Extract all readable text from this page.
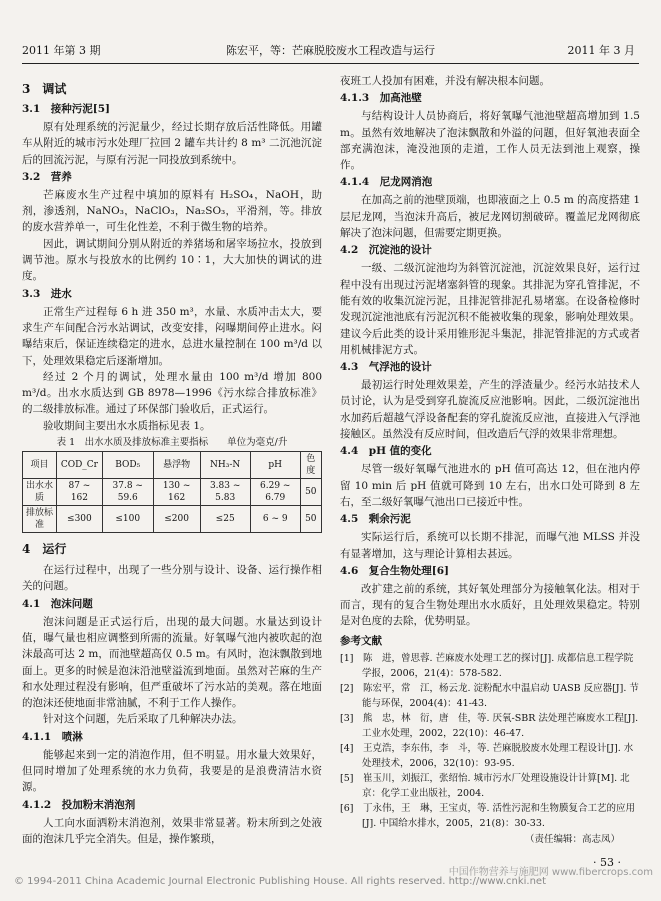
2011 年第 3 期	陈宏平，等：芒麻脱胶废水工程改造与运行	2011 年 3 月
3　调试
3.1　接种污泥[5]

原有处理系统的污泥量少，经过长期存放后活性降低。用罐车从附近的城市污水处理厂拉回 2 罐车共计约 8 m³ 二沉池沉淀后的回流污泥，与原有污泥一同投放到系统中。

3.2　营养

芒麻废水生产过程中填加的原料有 H₂SO₄，NaOH，助剂，渗透剂，NaNO₃，NaClO₃，Na₂SO₃，平滑剂，等。排放的废水营养单一，可生化性差，不利于微生物的培养。

因此，调试期间分别从附近的养猪场和屠宰场拉水，投放到调节池。原水与投放水的比例约 10∶1，大大加快的调试的进度。

3.3　进水

正常生产过程每 6 h 进 350 m³，水量、水质冲击太大，要求生产车间配合污水站调试，改变安排，闷曝期间停止进水。闷曝结束后，保证连续稳定的进水，总进水量控制在 100 m³/d 以下，处理效果稳定后逐渐增加。

经过 2 个月的调试，处理水量由 100 m³/d 增加 800 m³/d。出水水质达到 GB 8978—1996《污水综合排放标准》的二级排放标准。通过了环保部门验收后，正式运行。

验收期间主要出水水质指标见表 1。

表 1　出水水质及排放标准主要指标　　单位为毫克/升
项目	COD_Cr	BOD₅	悬浮物	NH₃-N	pH	色度
出水水质	87 ~ 162	37.8 ~ 59.6	130 ~ 162	3.83 ~ 5.83	6.29 ~ 6.79	50
排放标准	≤300	≤100	≤200	≤25	6 ~ 9	50
4　运行

在运行过程中，出现了一些分别与设计、设备、运行操作相关的问题。

4.1　泡沫问题

泡沫问题是正式运行后，出现的最大问题。水量达到设计值，曝气量也相应调整到所需的流量。好氧曝气池内被吹起的泡沫最高可达 2 m，而池壁超高仅 0.5 m。有风时，泡沫飘散到地面上。更多的时候是泡沫沿池壁溢流到地面。虽然对芒麻的生产和水处理过程没有影响，但严重破坏了污水站的美观。落在地面的泡沫还使地面非常油腻，不利于工作人操作。

针对这个问题，先后采取了几种解决办法。

4.1.1　喷淋

能够起来到一定的消泡作用，但不明显。用水量大效果好，但同时增加了处理系统的水力负荷，我要是的是浪费清洁水资源。

4.1.2　投加粉末消泡剂

人工向水面洒粉末消泡剂，效果非常显著。粉末所到之处液面的泡沫几乎完全消失。但是，操作繁琐，

夜班工人投加有困难，并没有解决根本问题。

4.1.3　加高池壁

与结构设计人员协商后，将好氧曝气池池壁超高增加到 1.5 m。虽然有效地解决了泡沫飘散和外溢的问题，但好氧池表面全部充满泡沫，淹没池顶的走道，工作人员无法到池上观察，操作。

4.1.4　尼龙网消泡

在加高之前的池壁顶端，也即液面之上 0.5 m 的高度搭建 1 层尼龙网，当泡沫升高后，被尼龙网切割破碎。覆盖尼龙网彻底解决了泡沫问题，但需要定期更换。

4.2　沉淀池的设计

一级、二级沉淀池均为斜管沉淀池，沉淀效果良好，运行过程中没有出现过污泥堵塞斜管的现象。其排泥为穿孔管排泥，不能有效的收集沉淀污泥，且排泥管排泥孔易堵塞。在设备检修时发现沉淀池池底有污泥沉积不能被收集的现象，影响处理效果。建议今后此类的设计采用锥形泥斗集泥，排泥管排泥的方式或者用机械排泥方式。

4.3　气浮池的设计

最初运行时处理效果差，产生的浮渣量少。经污水站技术人员讨论，认为是受到穿孔旋流反应池影响。因此，二级沉淀池出水加药后超越气浮设备配套的穿孔旋流反应池，直接进入气浮池接触区。虽然没有反应时间，但改造后气浮的效果非常理想。

4.4　pH 值的变化

尽管一级好氧曝气池进水的 pH 值可高达 12，但在池内停留 10 min 后 pH 值就可降到 10 左右，出水口处可降到 8 左右，至二级好氧曝气池出口已接近中性。

4.5　剩余污泥

实际运行后，系统可以长期不排泥，而曝气池 MLSS 并没有显著增加，这与理论计算相去甚远。

4.6　复合生物处理[6]

改扩建之前的系统，其好氧处理部分为接触氧化法。相对于而言，现有的复合生物处理出水水质好，且处理效果稳定。特别是对色度的去除，优势明显。

参考文献

[1]　陈　进，曾思蓉. 芒麻废水处理工艺的探讨[J]. 成都信息工程学院学报，2006，21(4)：578-582.

[2]　陈宏平，常　江，杨云龙. 淀粉配水中温启动 UASB 反应器[J]. 节能与环保，2004(4)：41-43.

[3]　熊　忠，林　衍，唐　佳，等. 厌氧-SBR 法处理芒麻废水工程[J]. 工业水处理，2002，22(10)：46-47.

[4]　王克浩，李东伟，李　斗，等. 芒麻脱胶废水处理工程设计[J]. 水处理技术，2006，32(10)：93-95.

[5]　崔玉川，刘振江，张绍怡. 城市污水厂处理设施设计计算[M]. 北京：化学工业出版社，2004.

[6]　丁永伟，王　琳，王宝贞，等. 活性污泥和生物膜复合工艺的应用[J]. 中国给水排水，2005，21(8)：30-33.

（责任编辑：高志凤）
· 53 ·
© 1994-2011 China Academic Journal Electronic Publishing House. All rights reserved. http://www.cnki.net
中国作物营养与施肥网 www.fibercrops.com
